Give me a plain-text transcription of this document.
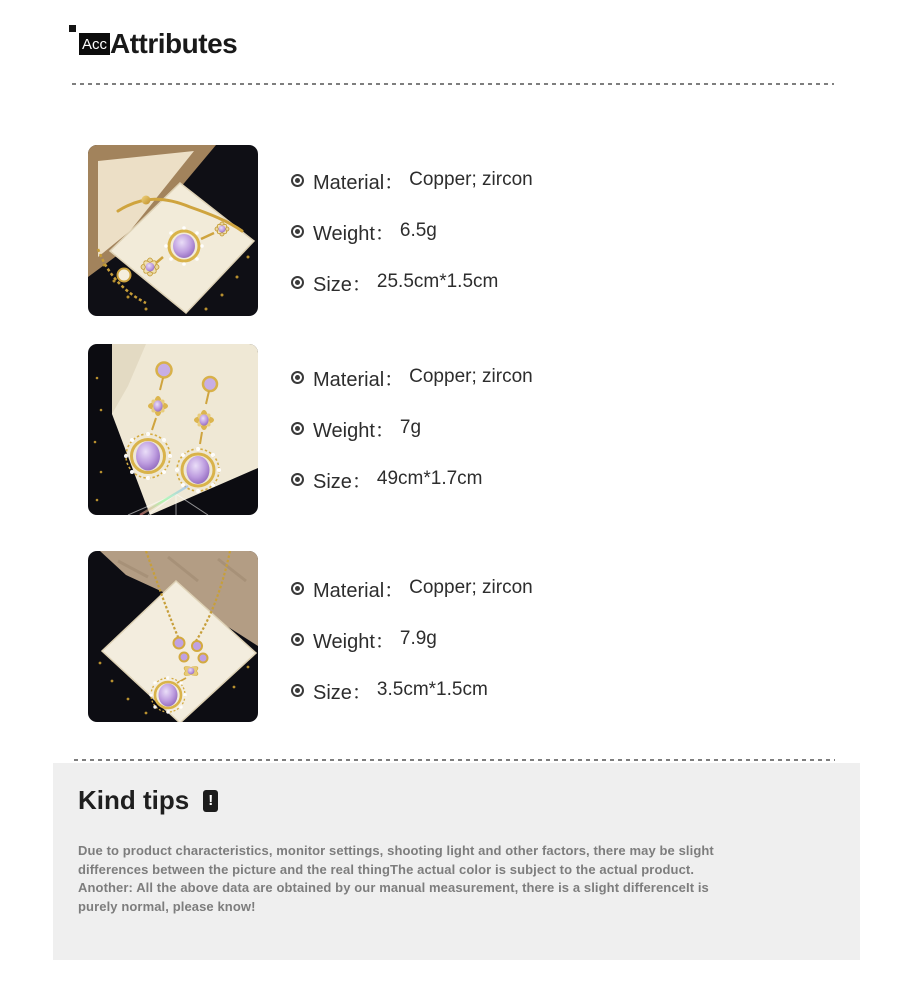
Acc Attributes
Material： Copper; zircon
Weight： 6.5g
Size： 25.5cm*1.5cm
Material： Copper; zircon
Weight： 7g
Size： 49cm*1.7cm
Material： Copper; zircon
Weight： 7.9g
Size： 3.5cm*1.5cm
Kind tips	!
Due to product characteristics, monitor settings, shooting light and other factors, there may be slight differences between the picture and the real thingThe actual color is subject to the actual product. Another: All the above data are obtained by our manual measurement, there is a slight differenceIt is purely normal, please know!
